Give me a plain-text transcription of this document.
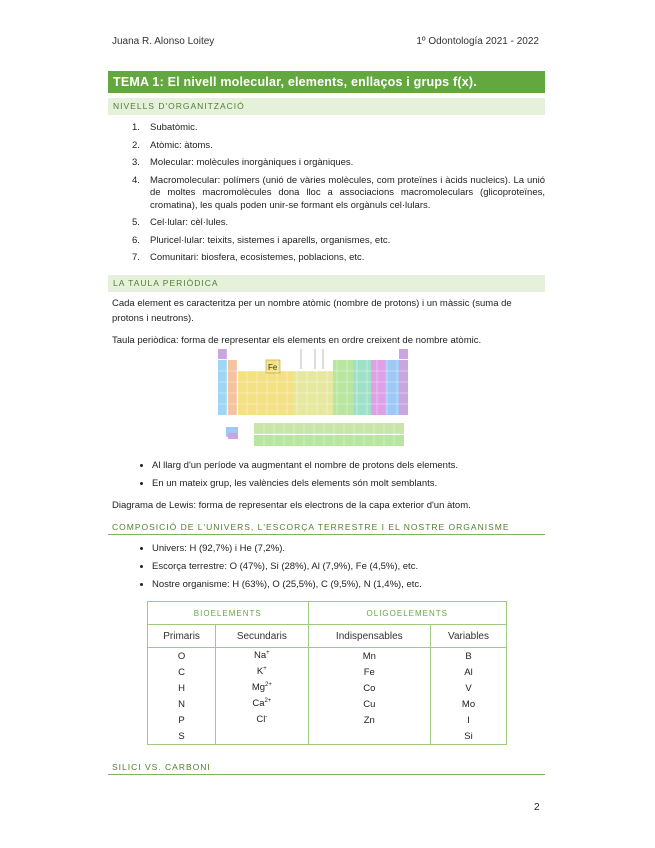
Juana R. Alonso Loitey	1º Odontología 2021 - 2022
TEMA 1: El nivell molecular, elements, enllaços i grups f(x).
NIVELLS D'ORGANITZACIÓ
1. Subatòmic.
2. Atòmic: àtoms.
3. Molecular: molècules inorgàniques i orgàniques.
4. Macromolecular: polímers (unió de vàries molècules, com proteïnes i àcids nucleics). La unió de moltes macromolècules dona lloc a associacions macromoleculars (glicoproteïnes, cromatina), les quals poden unir-se formant els orgànuls cel·lulars.
5. Cel·lular: cèl·lules.
6. Pluricel·lular: teixits, sistemes i aparells, organismes, etc.
7. Comunitari: biosfera, ecosistemes, poblacions, etc.
LA TAULA PERIÒDICA
Cada element es caracteritza per un nombre atòmic (nombre de protons) i un màssic (suma de protons i neutrons).
Taula periòdica: forma de representar els elements en ordre creixent de nombre atòmic.
Fe
• Al llarg d'un període va augmentant el nombre de protons dels elements.
• En un mateix grup, les valències dels elements són molt semblants.
Diagrama de Lewis: forma de representar els electrons de la capa exterior d'un àtom.
COMPOSICIÓ DE L'UNIVERS, L'ESCORÇA TERRESTRE I EL NOSTRE ORGANISME
• Univers: H (92,7%) i He (7,2%).
• Escorça terrestre: O (47%), Si (28%), Al (7,9%), Fe (4,5%), etc.
• Nostre organisme: H (63%), O (25,5%), C (9,5%), N (1,4%), etc.
BIOELEMENTS		OLIGOELEMENTS	
Primaris	Secundaris	Indispensables	Variables
O	Na+	Mn	B
C	K+	Fe	Al
H	$Mg^{2+}$	Co	V
N	$Ca^{2+}$	Cu	Mo
P	Cl-	Zn	I
S			Si
SILICI VS. CARBONI
2
